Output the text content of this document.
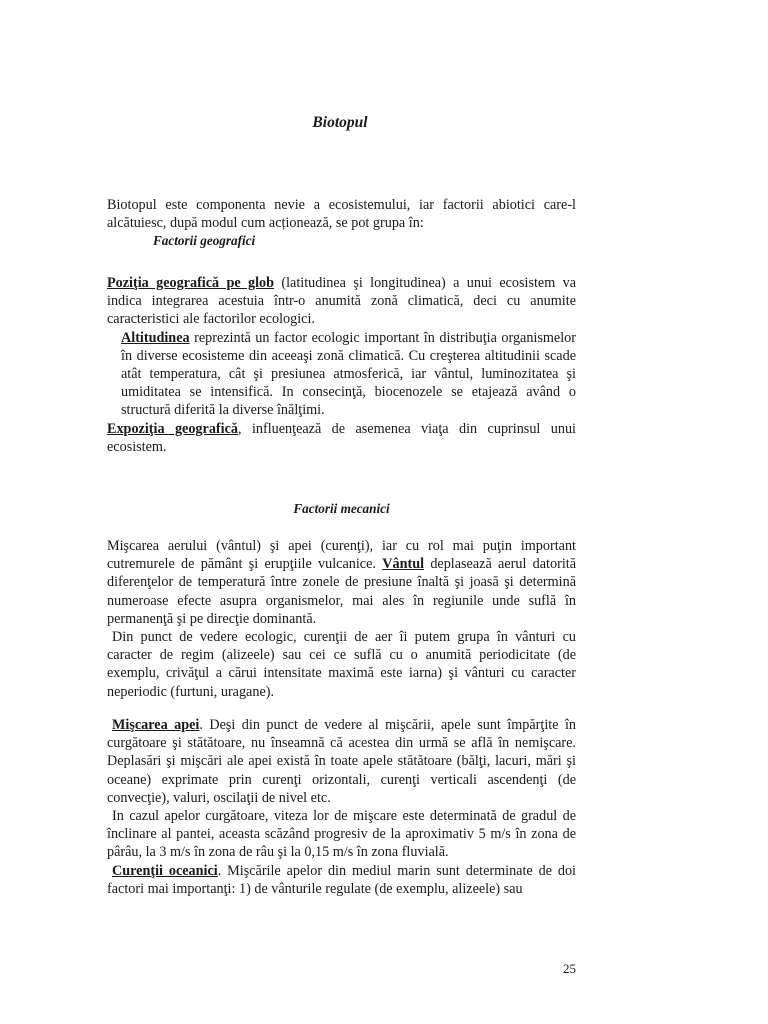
Biotopul

Biotopul este componenta nevie a ecosistemului, iar factorii abiotici care-l alcătuiesc, după modul cum acționează, se pot grupa în:

Factorii geografici

Poziţia geografică pe glob (latitudinea şi longitudinea) a unui ecosistem va indica integrarea acestuia într-o anumită zonă climatică, deci cu anumite caracteristici ale factorilor ecologici.

Altitudinea reprezintă un factor ecologic important în distribuţia organismelor în diverse ecosisteme din aceeaşi zonă climatică. Cu creşterea altitudinii scade atât temperatura, cât şi presiunea atmosferică, iar vântul, luminozitatea şi umiditatea se intensifică. In consecinţă, biocenozele se etajează având o structură diferită la diverse înălţimi.

Expoziţia geografică, influenţează de asemenea viaţa din cuprinsul unui ecosistem.

Factorii mecanici

Mişcarea aerului (vântul) şi apei (curenţi), iar cu rol mai puţin important cutremurele de pământ şi erupţiile vulcanice. Vântul deplasează aerul datorită diferenţelor de temperatură între zonele de presiune înaltă şi joasă şi determină numeroase efecte asupra organismelor, mai ales în regiunile unde suflă în permanenţă şi pe direcţie dominantă.

Din punct de vedere ecologic, curenţii de aer îi putem grupa în vânturi cu caracter de regim (alizeele) sau cei ce suflă cu o anumită periodicitate (de exemplu, crivăţul a cărui intensitate maximă este iarna) şi vânturi cu caracter neperiodic (furtuni, uragane).

Mişcarea apei. Deşi din punct de vedere al mişcării, apele sunt împărţite în curgătoare şi stătătoare, nu înseamnă că acestea din urmă se află în nemişcare. Deplasări şi mişcări ale apei există în toate apele stătătoare (bălţi, lacuri, mări şi oceane) exprimate prin curenţi orizontali, curenţi verticali ascendenţi (de convecţie), valuri, oscilaţii de nivel etc.

In cazul apelor curgătoare, viteza lor de mişcare este determinată de gradul de înclinare al pantei, aceasta scăzând progresiv de la aproximativ 5 m/s în zona de pârâu, la 3 m/s în zona de râu şi la 0,15 m/s în zona fluvială.

Curenţii oceanici. Mişcările apelor din mediul marin sunt determinate de doi factori mai importanţi: 1) de vânturile regulate (de exemplu, alizeele) sau

25
